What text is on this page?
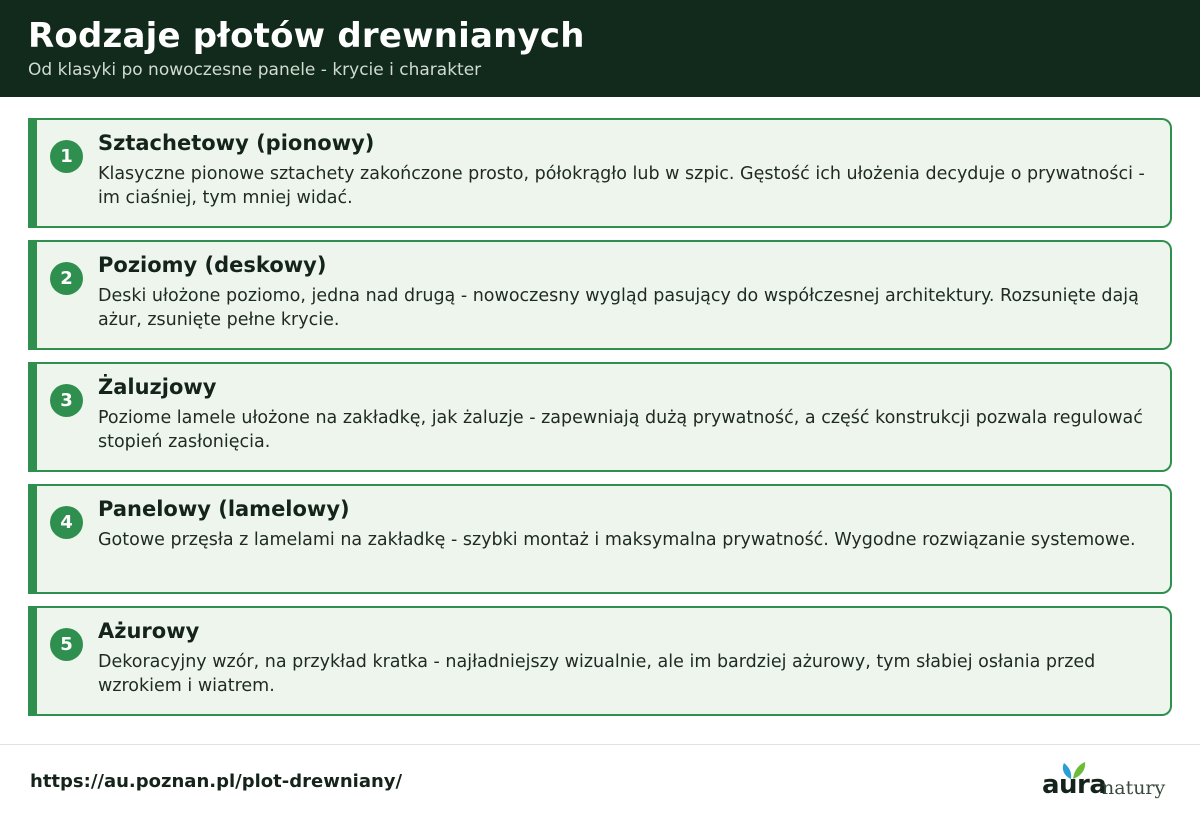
Rodzaje płotów drewnianych
Od klasyki po nowoczesne panele - krycie i charakter
1
Sztachetowy (pionowy)
Klasyczne pionowe sztachety zakończone prosto, półokrągło lub w szpic. Gęstość ich ułożenia decyduje o prywatności - im ciaśniej, tym mniej widać.
2
Poziomy (deskowy)
Deski ułożone poziomo, jedna nad drugą - nowoczesny wygląd pasujący do współczesnej architektury. Rozsunięte dają ażur, zsunięte pełne krycie.
3
Żaluzjowy
Poziome lamele ułożone na zakładkę, jak żaluzje - zapewniają dużą prywatność, a część konstrukcji pozwala regulować stopień zasłonięcia.
4
Panelowy (lamelowy)
Gotowe przęsła z lamelami na zakładkę - szybki montaż i maksymalna prywatność. Wygodne rozwiązanie systemowe.
5
Ażurowy
Dekoracyjny wzór, na przykład kratka - najładniejszy wizualnie, ale im bardziej ażurowy, tym słabiej osłania przed wzrokiem i wiatrem.
https://au.poznan.pl/plot-drewniany/	aura
natury
